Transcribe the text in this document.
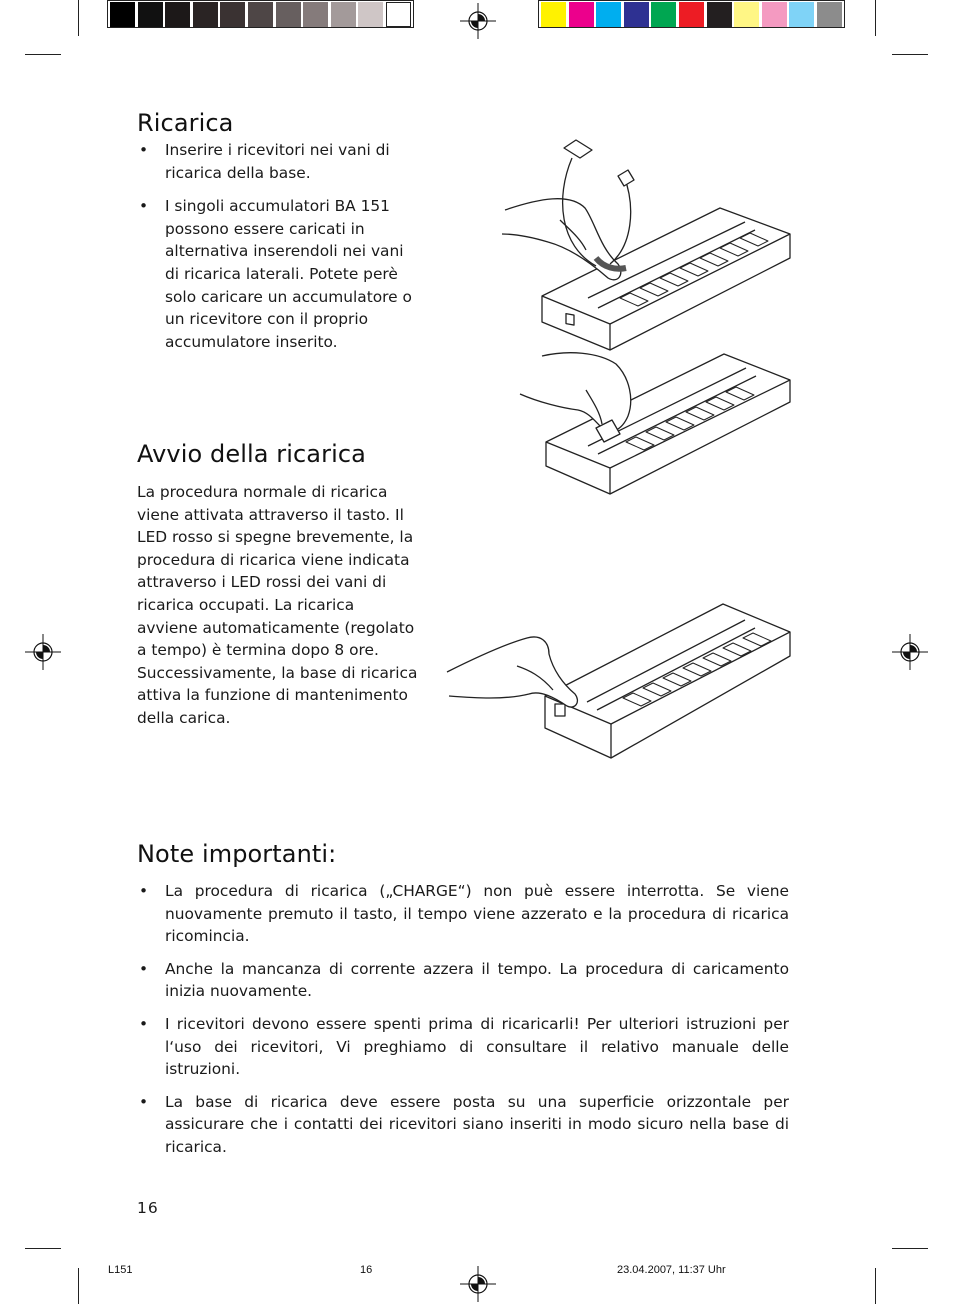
Ricarica
• Inserire i ricevitori nei vani di ricarica della base.
• I singoli accumulatori BA 151 possono essere caricati in alternativa inserendoli nei vani di ricarica laterali. Potete perè solo caricare un accumulatore o un ricevitore con il proprio accumulatore inserito.
Avvio della ricarica

La procedura normale di ricarica viene attivata attraverso il tasto. Il LED rosso si spegne brevemente, la procedura di ricarica viene indicata attraverso i LED rossi dei vani di ricarica occupati. La ricarica avviene automaticamente (regolato a tempo) è termina dopo 8 ore. Successivamente, la base di ricarica attiva la funzione di mantenimento della carica.

Note importanti:
• La procedura di ricarica („CHARGE“) non puè essere interrotta. Se viene nuovamente premuto il tasto, il tempo viene azzerato e la procedura di ricarica ricomincia.
• Anche la mancanza di corrente azzera il tempo. La procedura di caricamento inizia nuovamente.
• I ricevitori devono essere spenti prima di ricaricarli! Per ulteriori istruzioni per l‘uso dei ricevitori, Vi preghiamo di consultare il relativo manuale delle istruzioni.
• La base di ricarica deve essere posta su una superficie orizzontale per assicurare che i contatti dei ricevitori siano inseriti in modo sicuro nella base di ricarica.
16
L151	16	23.04.2007, 11:37 Uhr
